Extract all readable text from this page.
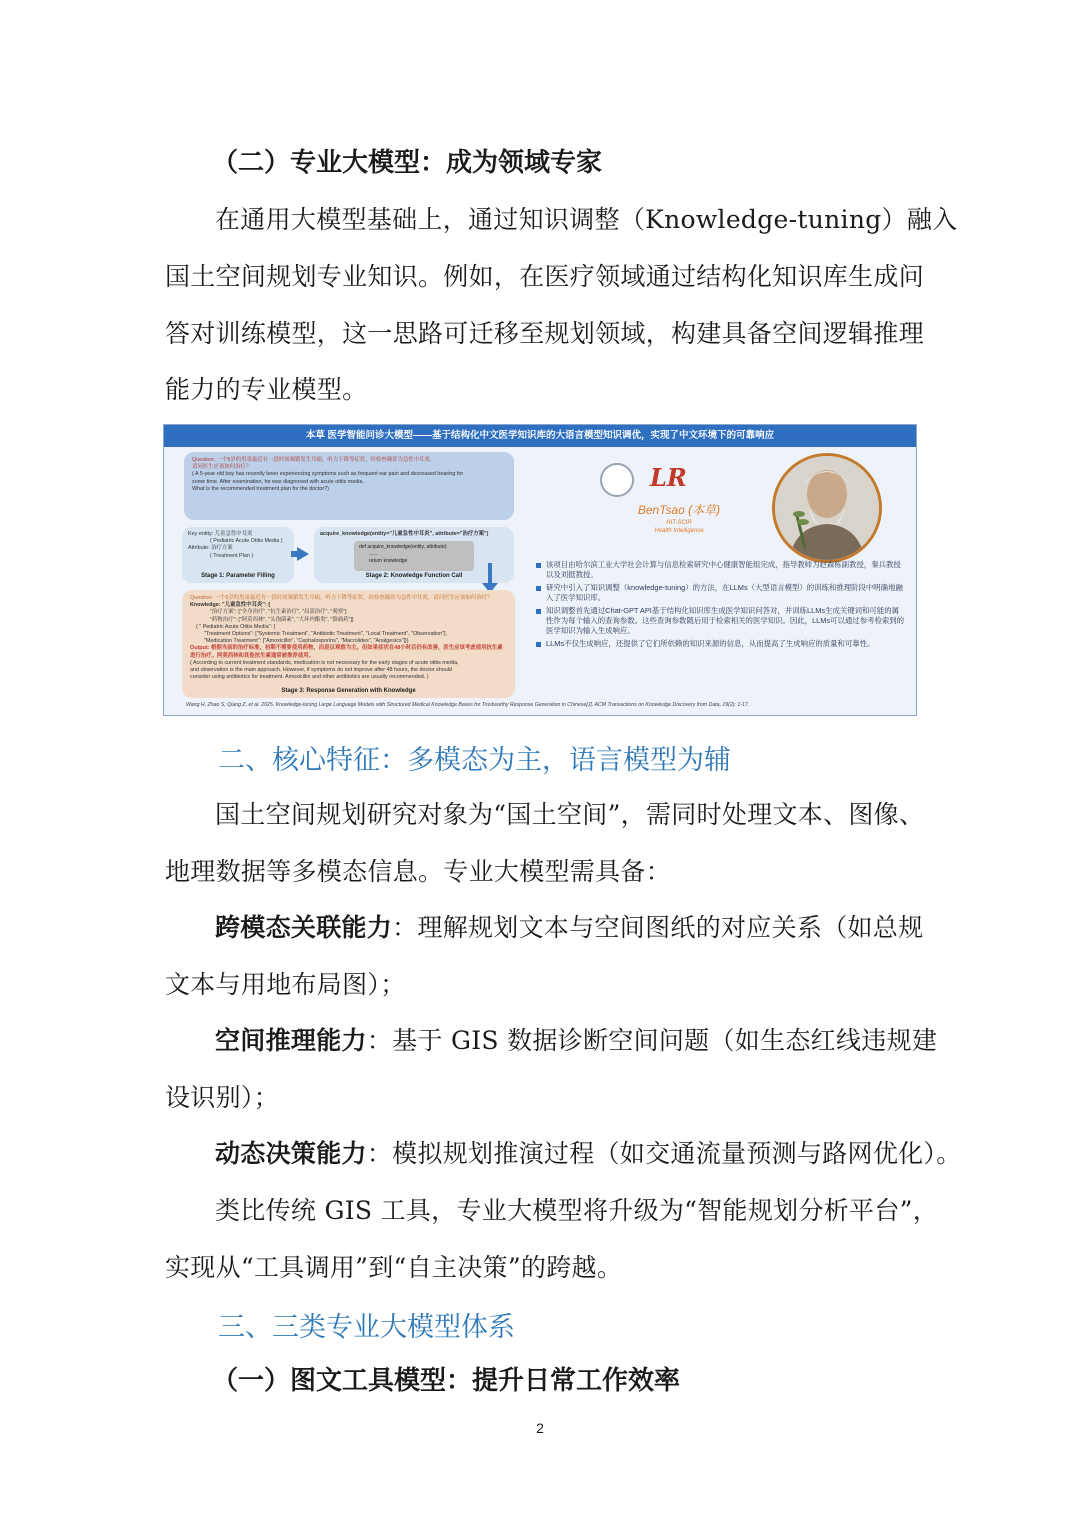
（二）专业大模型：成为领域专家
在通用大模型基础上，通过知识调整（Knowledge-tuning）融入
国土空间规划专业知识。例如，在医疗领域通过结构化知识库生成问
答对训练模型，这一思路可迁移至规划领域，构建具备空间逻辑推理
能力的专业模型。
本草 医学智能问诊大模型——基于结构化中文医学知识库的大语言模型知识调优，实现了中文环境下的可靠响应
Question: 一个5岁的男童最近有一段时间频繁发生耳痛，听力下降等症状，经检查确诊为急性中耳炎，
请问医生应该如何治疗？
( A 5-year-old boy has recently been experiencing symptoms such as frequent ear pain and decreased hearing for
some time. After examination, he was diagnosed with acute otitis media.
What is the recommended treatment plan for the doctor?)
Key entity: 儿童急性中耳炎
( Pediatric Acute Otitis Media )
Attribute: 治疗方案
( Treatment Plan )
Stage 1: Parameter Filling
acquire_knowledge(entity="儿童急性中耳炎", attribute="治疗方案")
Stage 2: Knowledge Function Call
def acquire_knowledge(entity, attribute):
......
return knowledge
Question: 一个5岁的男童最近有一段时间频繁发生耳痛，听力下降等症状，经检查确诊为急性中耳炎，请问医生应该如何治疗？
Knowledge: "儿童急性中耳炎": {
"治疗方案": ["全身治疗", "抗生素治疗", "局部治疗", "观察"]
"药物治疗": ["阿莫西林", "头孢菌素", "大环内酯类", "镇痛药"]}
( " Pediatric Acute Otitis Media": {
"Treatment Options": ["Systemic Treatment", "Antibiotic Treatment", "Local Treatment", "Observation"],
"Medication Treatment": ["Amoxicillin", "Cephalosporins", "Macrolides", "Analgesics"]})
Output: 根据当前的治疗标准，初期不需要使用药物，而是以观察为主。但如果症状在48小时后仍有改善，医生应该考虑使用抗生素进行治疗。阿莫西林和其他抗生素通常被推荐使用。
( According to current treatment standards, medication is not necessary for the early stages of acute otitis media,
and observation is the main approach. However, if symptoms do not improve after 48 hours, the doctor should
consider using antibiotics for treatment. Amoxicillin and other antibiotics are usually recommended. )
Stage 3: Response Generation with Knowledge
LR
BenTsao (本草)
HIT-SCIR
Health Intelligence
该项目由哈尔滨工业大学社会计算与信息检索研究中心健康智能组完成，指导教师为赵森栋副教授，秦兵教授以及刘挺教授。
研究中引入了知识调整（knowledge-tuning）的方法，在LLMs（大型语言模型）的训练和推理阶段中明确地融入了医学知识库。
知识调整首先通过Chat-GPT API基于结构化知识库生成医学知识问答对，并训练LLMs生成关键词和可能的属性作为每个输入的查询参数。这些查询参数随后用于检索相关的医学知识。因此，LLMs可以通过参考检索到的医学知识为输入生成响应。
LLMs不仅生成响应，还提供了它们所依赖的知识来源的信息，从而提高了生成响应的质量和可靠性。
Wang H, Zhao S, Qiang Z, et al. 2025. Knowledge-tuning Large Language Models with Structured Medical Knowledge Bases for Trustworthy Response Generation in Chinese[J]. ACM Transactions on Knowledge Discovery from Data, 19(2): 1-17.
二、核心特征：多模态为主，语言模型为辅
国土空间规划研究对象为“国土空间”，需同时处理文本、图像、
地理数据等多模态信息。专业大模型需具备：
跨模态关联能力：理解规划文本与空间图纸的对应关系（如总规
文本与用地布局图）；
空间推理能力：基于 GIS 数据诊断空间问题（如生态红线违规建
设识别）；
动态决策能力：模拟规划推演过程（如交通流量预测与路网优化）。
类比传统 GIS 工具，专业大模型将升级为“智能规划分析平台”，
实现从“工具调用”到“自主决策”的跨越。
三、三类专业大模型体系
（一）图文工具模型：提升日常工作效率
2
